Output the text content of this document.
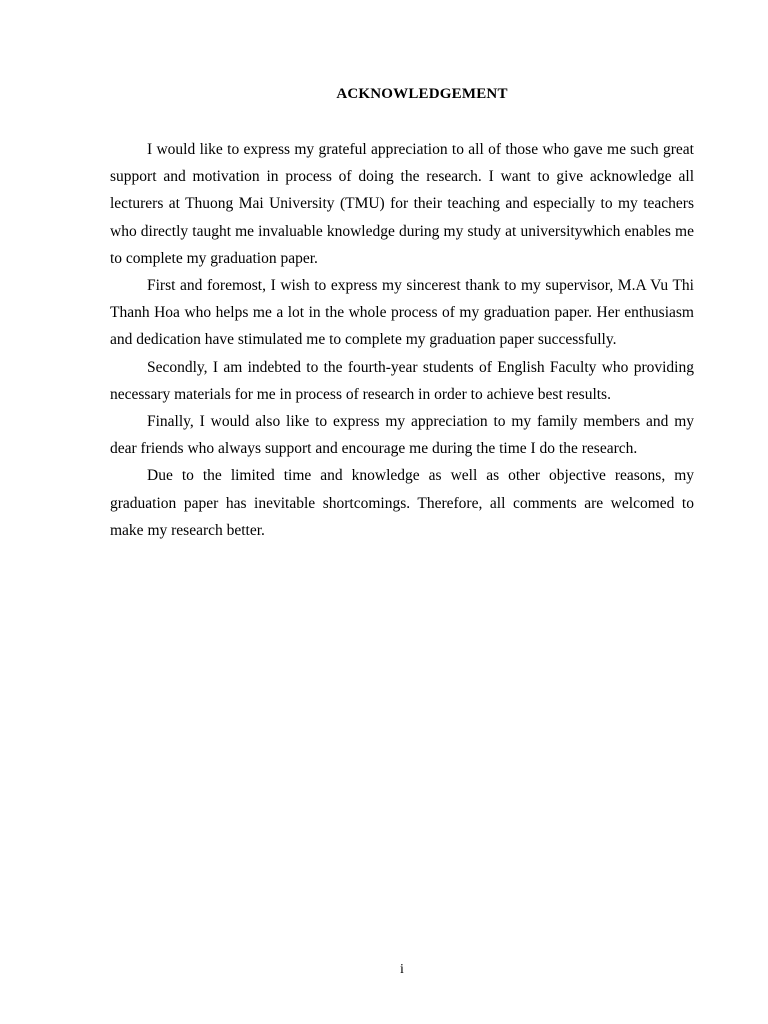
ACKNOWLEDGEMENT

I would like to express my grateful appreciation to all of those who gave me such great support and motivation in process of doing the research. I want to give acknowledge all lecturers at Thuong Mai University (TMU) for their teaching and especially to my teachers who directly taught me invaluable knowledge during my study at universitywhich enables me to complete my graduation paper.

First and foremost, I wish to express my sincerest thank to my supervisor, M.A Vu Thi Thanh Hoa who helps me a lot in the whole process of my graduation paper. Her enthusiasm and dedication have stimulated me to complete my graduation paper successfully.

Secondly, I am indebted to the fourth-year students of English Faculty who providing necessary materials for me in process of research in order to achieve best results.

Finally, I would also like to express my appreciation to my family members and my dear friends who always support and encourage me during the time I do the research.

Due to the limited time and knowledge as well as other objective reasons, my graduation paper has inevitable shortcomings. Therefore, all comments are welcomed to make my research better.

i
